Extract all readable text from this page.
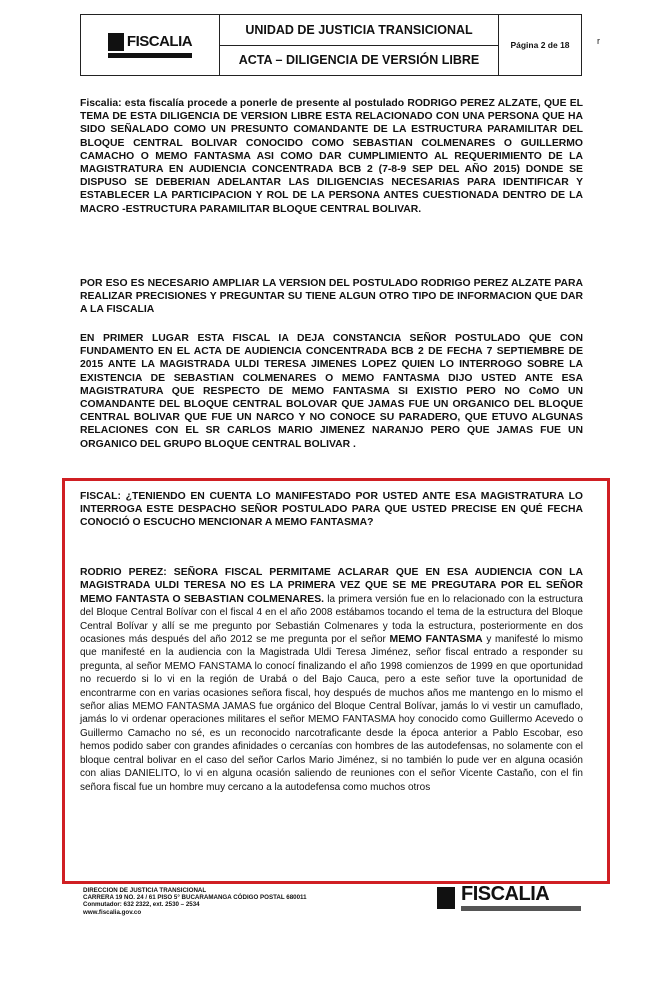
FISCALIA
UNIDAD DE JUSTICIA TRANSICIONAL
ACTA – DILIGENCIA DE VERSIÓN LIBRE
Página 2 de 18	r

Fiscalia: esta fiscalía procede a ponerle de presente al postulado RODRIGO PEREZ ALZATE, QUE EL TEMA DE ESTA DILIGENCIA DE VERSION LIBRE ESTA RELACIONADO CON UNA PERSONA QUE HA SIDO SEÑALADO COMO UN PRESUNTO COMANDANTE DE LA ESTRUCTURA PARAMILITAR DEL BLOQUE CENTRAL BOLIVAR CONOCIDO COMO SEBASTIAN COLMENARES O GUILLERMO CAMACHO O MEMO FANTASMA ASI COMO DAR CUMPLIMIENTO AL REQUERIMIENTO DE LA MAGISTRATURA EN AUDIENCIA CONCENTRADA BCB 2 (7-8-9 SEP DEL AÑO 2015) DONDE SE DISPUSO SE DEBERIAN ADELANTAR LAS DILIGENCIAS NECESARIAS PARA IDENTIFICAR Y ESTABLECER LA PARTICIPACION Y ROL DE LA PERSONA ANTES CUESTIONADA DENTRO DE LA MACRO -ESTRUCTURA PARAMILITAR BLOQUE CENTRAL BOLIVAR.

POR ESO ES NECESARIO AMPLIAR LA VERSION DEL POSTULADO RODRIGO PEREZ ALZATE PARA REALIZAR PRECISIONES Y PREGUNTAR SU TIENE ALGUN OTRO TIPO DE INFORMACION QUE DAR A LA FISCALIA

EN PRIMER LUGAR ESTA FISCAL IA DEJA CONSTANCIA SEÑOR POSTULADO QUE CON FUNDAMENTO EN EL ACTA DE AUDIENCIA CONCENTRADA BCB 2 DE FECHA 7 SEPTIEMBRE DE 2015 ANTE LA MAGISTRADA ULDI TERESA JIMENES LOPEZ QUIEN LO INTERROGO SOBRE LA EXISTENCIA DE SEBASTIAN COLMENARES O MEMO FANTASMA DIJO USTED ANTE ESA MAGISTRATURA QUE RESPECTO DE MEMO FANTASMA SI EXISTIO PERO NO CoMO UN COMANDANTE DEL BLOQUE CENTRAL BOLOVAR QUE JAMAS FUE UN ORGANICO DEL BLOQUE CENTRAL BOLIVAR QUE FUE UN NARCO Y NO CONOCE SU PARADERO, QUE ETUVO ALGUNAS RELACIONES CON EL SR CARLOS MARIO JIMENEZ NARANJO PERO QUE JAMAS FUE UN ORGANICO DEL GRUPO BLOQUE CENTRAL BOLIVAR .

FISCAL: ¿TENIENDO EN CUENTA LO MANIFESTADO POR USTED ANTE ESA MAGISTRATURA LO INTERROGA ESTE DESPACHO SEÑOR POSTULADO PARA QUE USTED PRECISE EN QUÉ FECHA CONOCIÓ O ESCUCHO MENCIONAR A MEMO FANTASMA?

RODRIO PEREZ: SEÑORA FISCAL PERMITAME ACLARAR QUE EN ESA AUDIENCIA CON LA MAGISTRADA ULDI TERESA NO ES LA PRIMERA VEZ QUE SE ME PREGUTARA POR EL SEÑOR MEMO FANTASTA O SEBASTIAN COLMENARES. la primera versión fue en lo relacionado con la estructura del Bloque Central Bolívar con el fiscal 4 en el año 2008 estábamos tocando el tema de la estructura del Bloque Central Bolívar y allí se me pregunto por Sebastián Colmenares y toda la estructura, posteriormente en dos ocasiones más después del año 2012 se me pregunta por el señor MEMO FANTASMA y manifesté lo mismo que manifesté en la audiencia con la Magistrada Uldi Teresa Jiménez, señor fiscal entrado a responder su pregunta, al señor MEMO FANSTAMA lo conocí finalizando el año 1998 comienzos de 1999 en que oportunidad no recuerdo si lo vi en la región de Urabá o del Bajo Cauca, pero a este señor tuve la oportunidad de encontrarme con en varias ocasiones señora fiscal, hoy después de muchos años me mantengo en lo mismo el señor alias MEMO FANTASMA JAMAS fue orgánico del Bloque Central Bolívar, jamás lo vi vestir un camuflado, jamás lo vi ordenar operaciones militares el señor MEMO FANTASMA hoy conocido como Guillermo Acevedo o Guillermo Camacho no sé, es un reconocido narcotraficante desde la época anterior a Pablo Escobar, eso hemos podido saber con grandes afinidades o cercanías con hombres de las autodefensas, no solamente con el bloque central bolivar en el caso del señor Carlos Mario Jiménez, si no también lo pude ver en alguna ocasión con alias DANIELITO, lo vi en alguna ocasión saliendo de reuniones con el señor Vicente Castaño, con el fin señora fiscal fue un hombre muy cercano a la autodefensa como muchos otros

DIRECCION DE JUSTICIA TRANSICIONAL
CARRERA 19 NO. 24 / 61 PISO 5° BUCARAMANGA CÓDIGO POSTAL 680011
Conmutador: 632 2322, ext. 2530 – 2534
www.fiscalia.gov.co
FISCALIA
